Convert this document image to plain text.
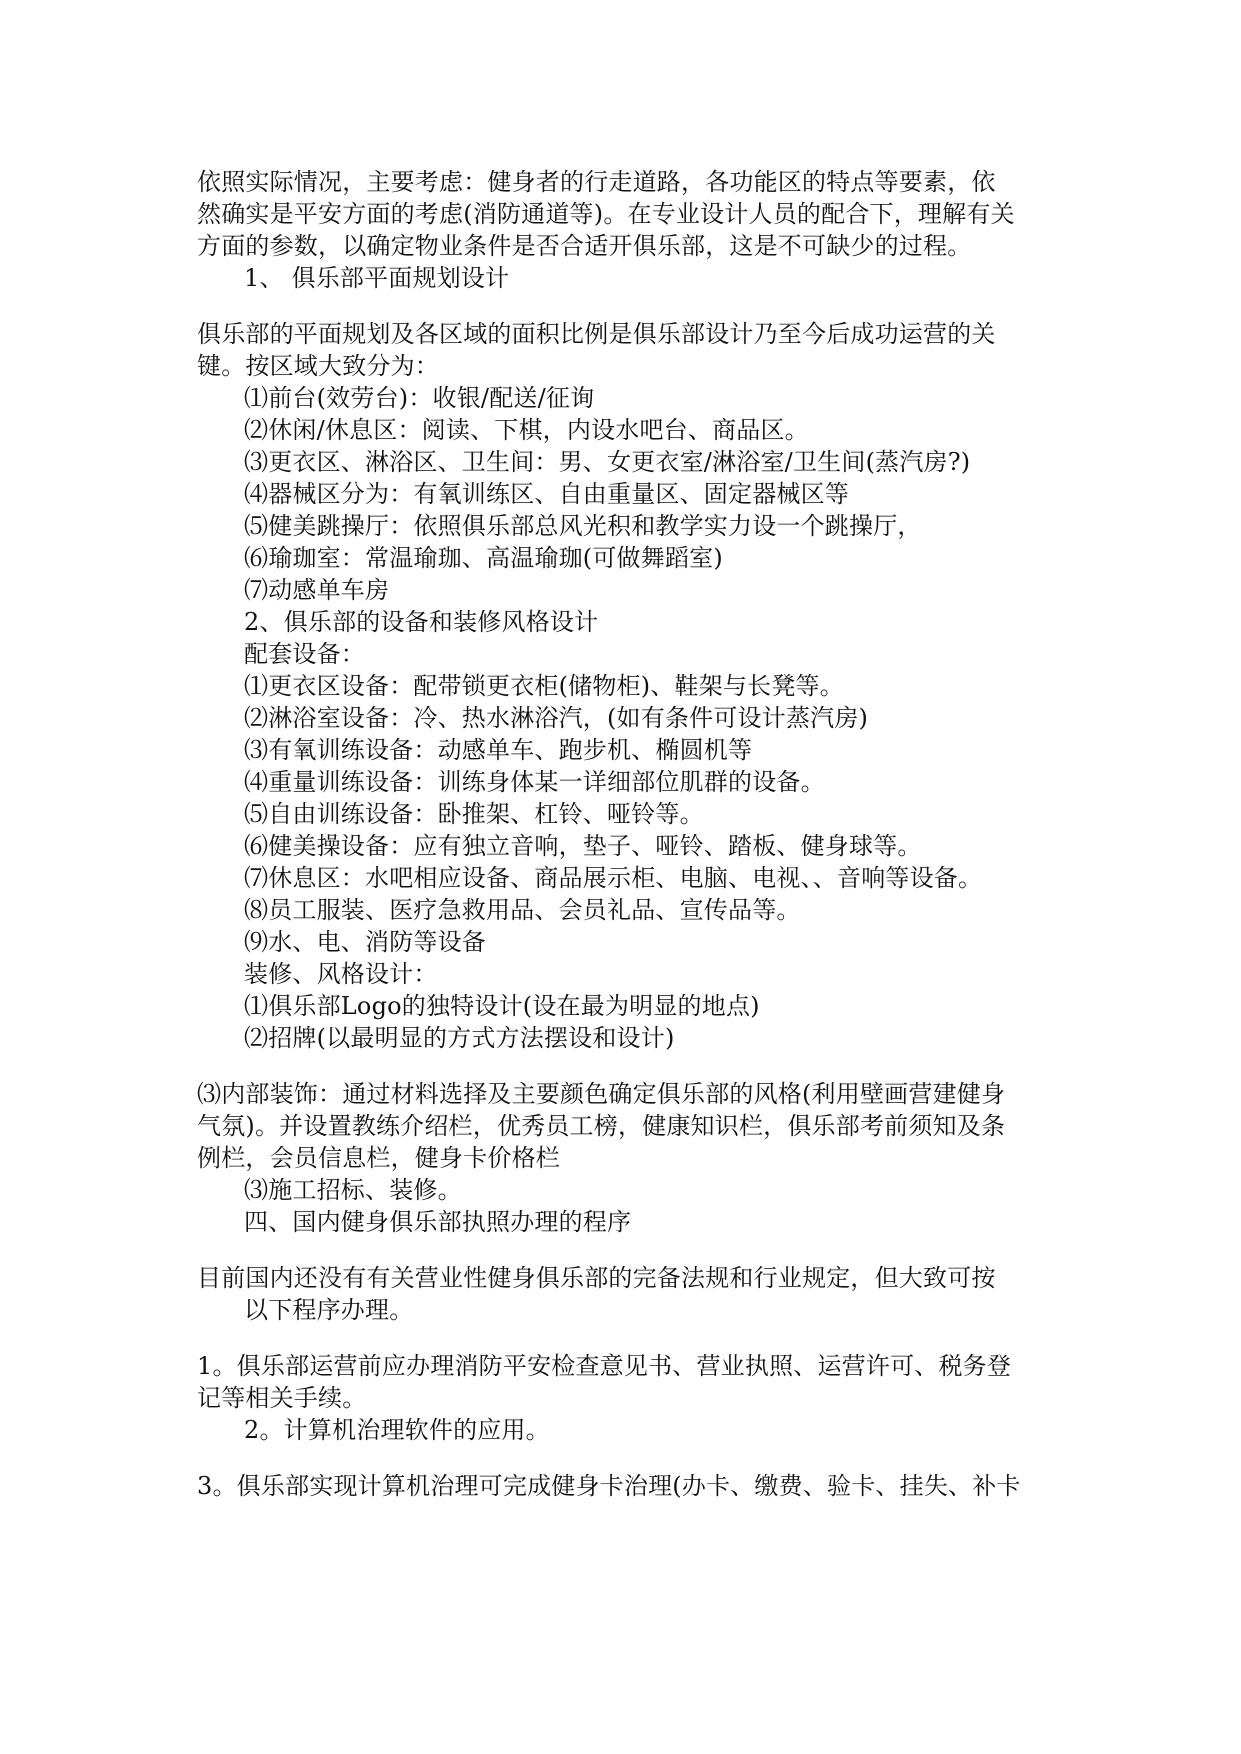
依照实际情况，主要考虑：健身者的行走道路，各功能区的特点等要素，依
然确实是平安方面的考虑(消防通道等)。在专业设计人员的配合下，理解有关
方面的参数，以确定物业条件是否合适开俱乐部，这是不可缺少的过程。
1、 俱乐部平面规划设计
俱乐部的平面规划及各区域的面积比例是俱乐部设计乃至今后成功运营的关
键。按区域大致分为：
⑴前台(效劳台)：收银/配送/征询
⑵休闲/休息区：阅读、下棋，内设水吧台、商品区。
⑶更衣区、淋浴区、卫生间：男、女更衣室/淋浴室/卫生间(蒸汽房?)
⑷器械区分为：有氧训练区、自由重量区、固定器械区等
⑸健美跳操厅：依照俱乐部总风光积和教学实力设一个跳操厅，
⑹瑜珈室：常温瑜珈、高温瑜珈(可做舞蹈室)
⑺动感单车房
2、俱乐部的设备和装修风格设计
配套设备：
⑴更衣区设备：配带锁更衣柜(储物柜)、鞋架与长凳等。
⑵淋浴室设备：冷、热水淋浴汽，(如有条件可设计蒸汽房)
⑶有氧训练设备：动感单车、跑步机、椭圆机等
⑷重量训练设备：训练身体某一详细部位肌群的设备。
⑸自由训练设备：卧推架、杠铃、哑铃等。
⑹健美操设备：应有独立音响，垫子、哑铃、踏板、健身球等。
⑺休息区：水吧相应设备、商品展示柜、电脑、电视、、音响等设备。
⑻员工服装、医疗急救用品、会员礼品、宣传品等。
⑼水、电、消防等设备
装修、风格设计：
⑴俱乐部Logo的独特设计(设在最为明显的地点)
⑵招牌(以最明显的方式方法摆设和设计)
⑶内部装饰：通过材料选择及主要颜色确定俱乐部的风格(利用壁画营建健身
气氛)。并设置教练介绍栏，优秀员工榜，健康知识栏，俱乐部考前须知及条
例栏，会员信息栏，健身卡价格栏
⑶施工招标、装修。
四、国内健身俱乐部执照办理的程序
目前国内还没有有关营业性健身俱乐部的完备法规和行业规定，但大致可按
以下程序办理。
1。俱乐部运营前应办理消防平安检查意见书、营业执照、运营许可、税务登
记等相关手续。
2。计算机治理软件的应用。
3。俱乐部实现计算机治理可完成健身卡治理(办卡、缴费、验卡、挂失、补卡
